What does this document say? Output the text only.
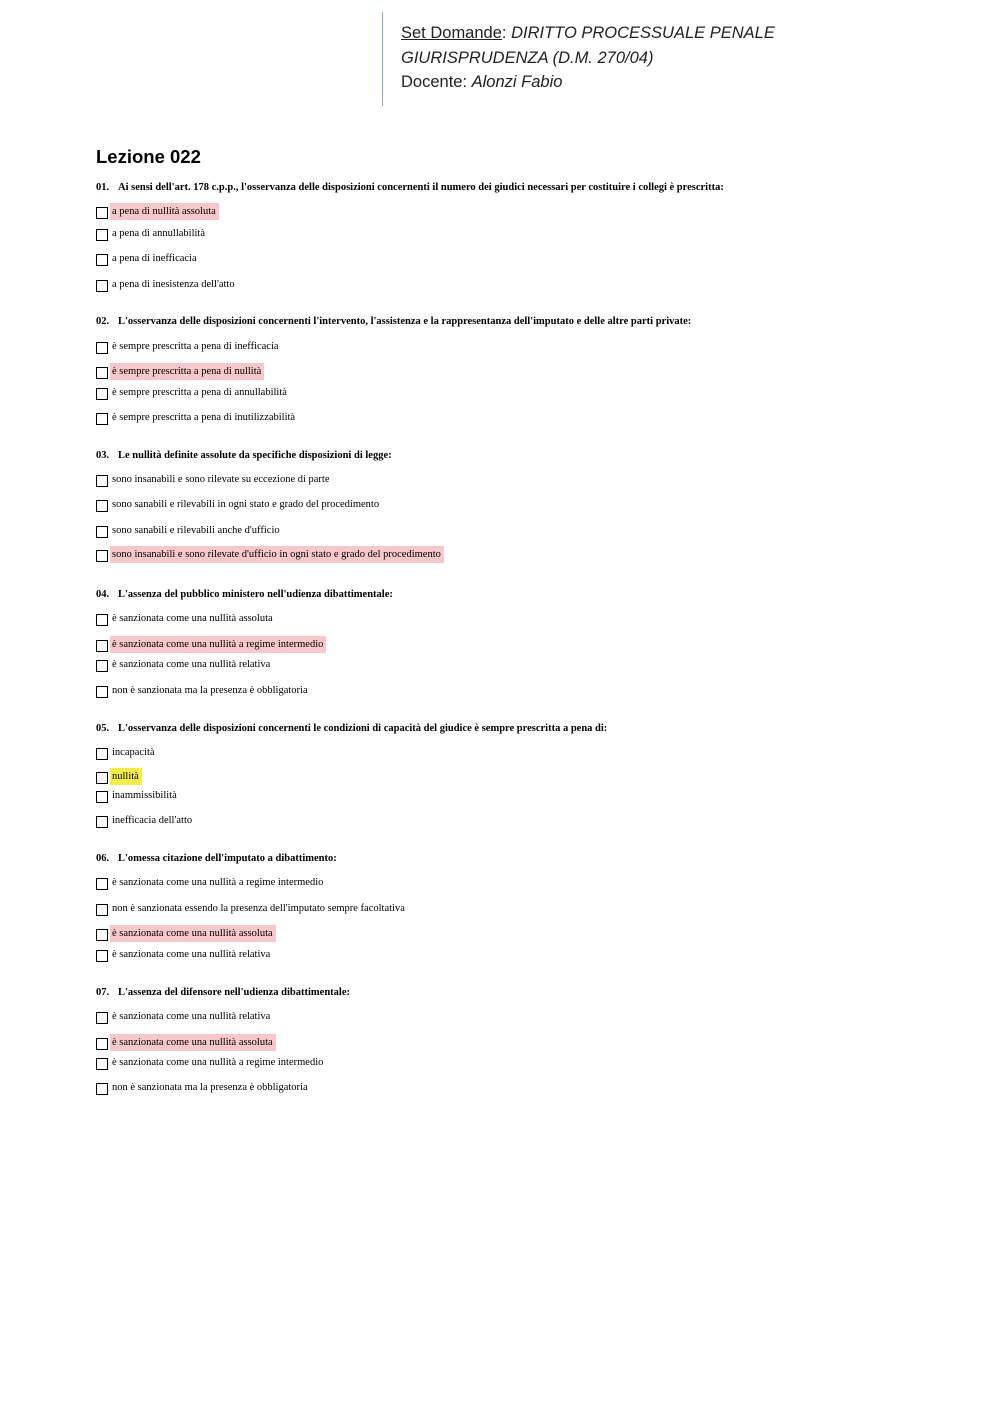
Set Domande: DIRITTO PROCESSUALE PENALE
GIURISPRUDENZA (D.M. 270/04)
Docente: Alonzi Fabio
Lezione 022
01. Ai sensi dell'art. 178 c.p.p., l'osservanza delle disposizioni concernenti il numero dei giudici necessari per costituire i collegi è prescritta:
a pena di nullità assoluta
a pena di annullabilità
a pena di inefficacia
a pena di inesistenza dell'atto
02. L'osservanza delle disposizioni concernenti l'intervento, l'assistenza e la rappresentanza dell'imputato e delle altre parti private:
è sempre prescritta a pena di inefficacia
è sempre prescritta a pena di nullità
è sempre prescritta a pena di annullabilità
è sempre prescritta a pena di inutilizzabilità
03. Le nullità definite assolute da specifiche disposizioni di legge:
sono insanabili e sono rilevate su eccezione di parte
sono sanabili e rilevabili in ogni stato e grado del procedimento
sono sanabili e rilevabili anche d'ufficio
sono insanabili e sono rilevate d'ufficio in ogni stato e grado del procedimento
04. L'assenza del pubblico ministero nell'udienza dibattimentale:
è sanzionata come una nullità assoluta
è sanzionata come una nullità a regime intermedio
è sanzionata come una nullità relativa
non è sanzionata ma la presenza è obbligatoria
05. L'osservanza delle disposizioni concernenti le condizioni di capacità del giudice è sempre prescritta a pena di:
incapacità
nullità
inammissibilità
inefficacia dell'atto
06. L'omessa citazione dell'imputato a dibattimento:
è sanzionata come una nullità a regime intermedio
non è sanzionata essendo la presenza dell'imputato sempre facoltativa
è sanzionata come una nullità assoluta
è sanzionata come una nullità relativa
07. L'assenza del difensore nell'udienza dibattimentale:
è sanzionata come una nullità relativa
è sanzionata come una nullità assoluta
è sanzionata come una nullità a regime intermedio
non è sanzionata ma la presenza è obbligatoria
